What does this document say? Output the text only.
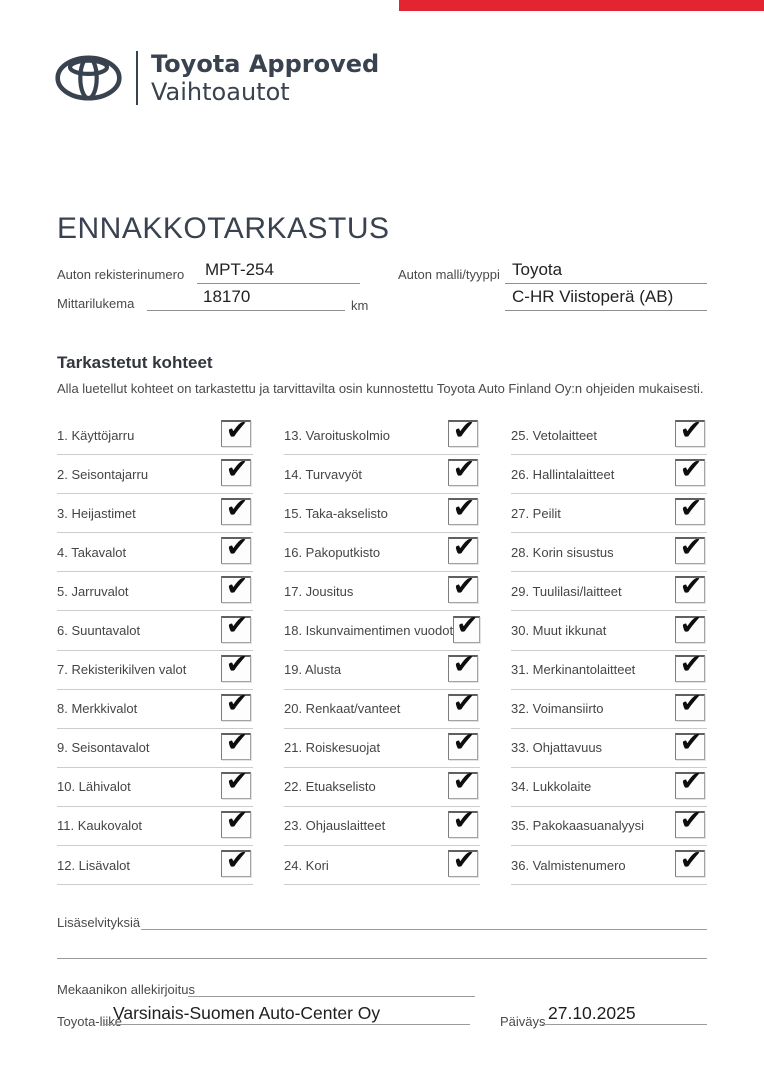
Toyota Approved
Vaihtoautot
ENNAKKOTARKASTUS
Auton rekisterinumero	MPT-254	Auton malli/tyyppi Toyota
Mittarilukema	18170	km	C-HR Viistoperä (AB)
Tarkastetut kohteet
Alla luetellut kohteet on tarkastettu ja tarvittavilta osin kunnostettu Toyota Auto Finland Oy:n ohjeiden mukaisesti.
1. Käyttöjarru	✔
2. Seisontajarru	✔
3. Heijastimet	✔
4. Takavalot	✔
5. Jarruvalot	✔
6. Suuntavalot	✔
7. Rekisterikilven valot ✔
8. Merkkivalot	✔
9. Seisontavalot	✔
10. Lähivalot	✔
11. Kaukovalot	✔
12. Lisävalot	✔
13. Varoituskolmio ✔
14. Turvavyöt	✔
15. Taka-akselisto ✔
16. Pakoputkisto	✔
17. Jousitus	✔
18. Iskunvaimentimen vuodot ✔
19. Alusta	✔
20. Renkaat/vanteet ✔
21. Roiskesuojat	✔
22. Etuakselisto	✔
23. Ohjauslaitteet	✔
24. Kori	✔
25. Vetolaitteet	✔
26. Hallintalaitteet ✔
27. Peilit	✔
28. Korin sisustus ✔
29. Tuulilasi/laitteet ✔
30. Muut ikkunat	✔
31. Merkinantolaitteet ✔
32. Voimansiirto	✔
33. Ohjattavuus	✔
34. Lukkolaite	✔
35. Pakokaasuanalyysi ✔
36. Valmistenumero ✔
Lisäselvityksiä
Mekaanikon allekirjoitus
Toyota-liike
Varsinais-Suomen Auto-Center Oy	Päiväys 27.10.2025
